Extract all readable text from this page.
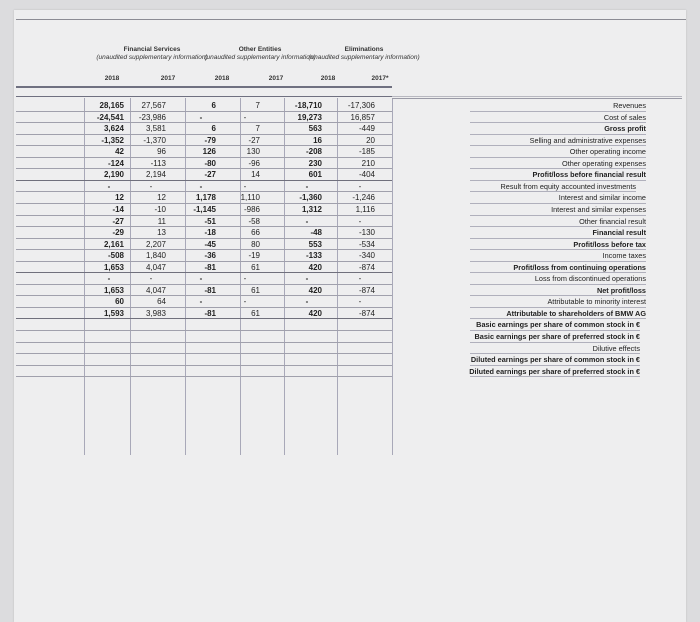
Financial Services
(unaudited supplementary information)
Other Entities
(unaudited supplementary information)
Eliminations
(unaudited supplementary information)
2018	2017	2018	2017	2018	2017*
28,165	27,567	6	7	-18,710	-17,306	Revenues
-24,541	-23,986	-	-	19,273	16,857	Cost of sales
3,624	3,581	6	7	563	-449	Gross profit
-1,352	-1,370	-79	-27	16	20	Selling and administrative expenses
42	96	126	130	-208	-185	Other operating income
-124	-113	-80	-96	230	210	Other operating expenses
2,190	2,194	-27	14	601	-404	Profit/loss before financial result
-	-	-	-	-	-	Result from equity accounted investments
12	12	1,178	1,110	-1,360	-1,246	Interest and similar income
-14	-10	-1,145	-986	1,312	1,116	Interest and similar expenses
-27	11	-51	-58	-	-	Other financial result
-29	13	-18	66	-48	-130	Financial result
2,161	2,207	-45	80	553	-534	Profit/loss before tax
-508	1,840	-36	-19	-133	-340	Income taxes
1,653	4,047	-81	61	420	-874	Profit/loss from continuing operations
-	-	-	-	-	-	Loss from discontinued operations
1,653	4,047	-81	61	420	-874	Net profit/loss
60	64	-	-	-	-	Attributable to minority interest
1,593	3,983	-81	61	420	-874	Attributable to shareholders of BMW AG
Basic earnings per share of common stock in €
Basic earnings per share of preferred stock in €
Dilutive effects
Diluted earnings per share of common stock in €
Diluted earnings per share of preferred stock in €
